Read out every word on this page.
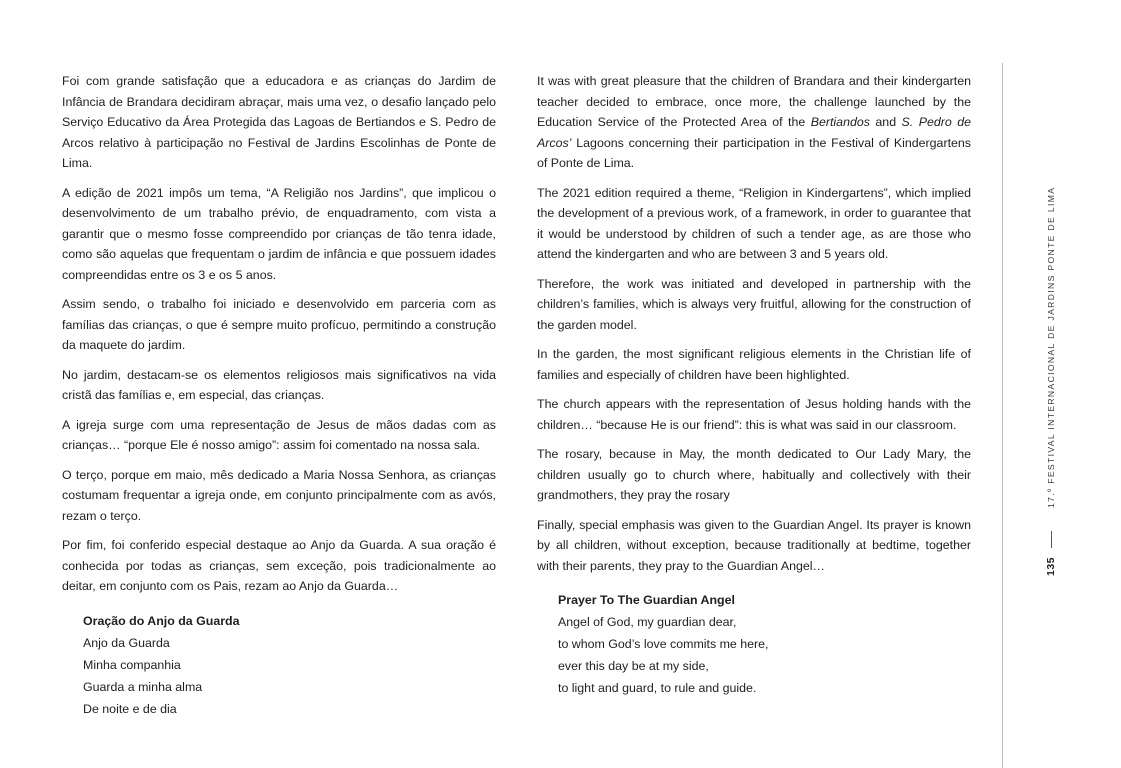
Foi com grande satisfação que a educadora e as crianças do Jardim de Infância de Brandara decidiram abraçar, mais uma vez, o desafio lançado pelo Serviço Educativo da Área Protegida das Lagoas de Bertiandos e S. Pedro de Arcos relativo à participação no Festival de Jardins Escolinhas de Ponte de Lima.

A edição de 2021 impôs um tema, “A Religião nos Jardins”, que implicou o desenvolvimento de um trabalho prévio, de enquadramento, com vista a garantir que o mesmo fosse compreendido por crianças de tão tenra idade, como são aquelas que frequentam o jardim de infância e que possuem idades compreendidas entre os 3 e os 5 anos.

Assim sendo, o trabalho foi iniciado e desenvolvido em parceria com as famílias das crianças, o que é sempre muito profícuo, permitindo a construção da maquete do jardim.

No jardim, destacam-se os elementos religiosos mais significativos na vida cristã das famílias e, em especial, das crianças.

A igreja surge com uma representação de Jesus de mãos dadas com as crianças… “porque Ele é nosso amigo”: assim foi comentado na nossa sala.

O terço, porque em maio, mês dedicado a Maria Nossa Senhora, as crianças costumam frequentar a igreja onde, em conjunto principalmente com as avós, rezam o terço.

Por fim, foi conferido especial destaque ao Anjo da Guarda. A sua oração é conhecida por todas as crianças, sem exceção, pois tradicionalmente ao deitar, em conjunto com os Pais, rezam ao Anjo da Guarda…

Oração do Anjo da Guarda
Anjo da Guarda
Minha companhia
Guarda a minha alma
De noite e de dia

It was with great pleasure that the children of Brandara and their kindergarten teacher decided to embrace, once more, the challenge launched by the Education Service of the Protected Area of the Bertiandos and S. Pedro de Arcos’ Lagoons concerning their participation in the Festival of Kindergartens of Ponte de Lima.

The 2021 edition required a theme, “Religion in Kindergartens”, which implied the development of a previous work, of a framework, in order to guarantee that it would be understood by children of such a tender age, as are those who attend the kindergarten and who are between 3 and 5 years old.

Therefore, the work was initiated and developed in partnership with the children’s families, which is always very fruitful, allowing for the construction of the garden model.

In the garden, the most significant religious elements in the Christian life of families and especially of children have been highlighted.

The church appears with the representation of Jesus holding hands with the children… “because He is our friend”: this is what was said in our classroom.

The rosary, because in May, the month dedicated to Our Lady Mary, the children usually go to church where, habitually and collectively with their grandmothers, they pray the rosary

Finally, special emphasis was given to the Guardian Angel. Its prayer is known by all children, without exception, because traditionally at bedtime, together with their parents, they pray to the Guardian Angel…

Prayer To The Guardian Angel
Angel of God, my guardian dear,
to whom God’s love commits me here,
ever this day be at my side,
to light and guard, to rule and guide.
17.º FESTIVAL INTERNACIONAL DE JARDINS PONTE DE LIMA
135
